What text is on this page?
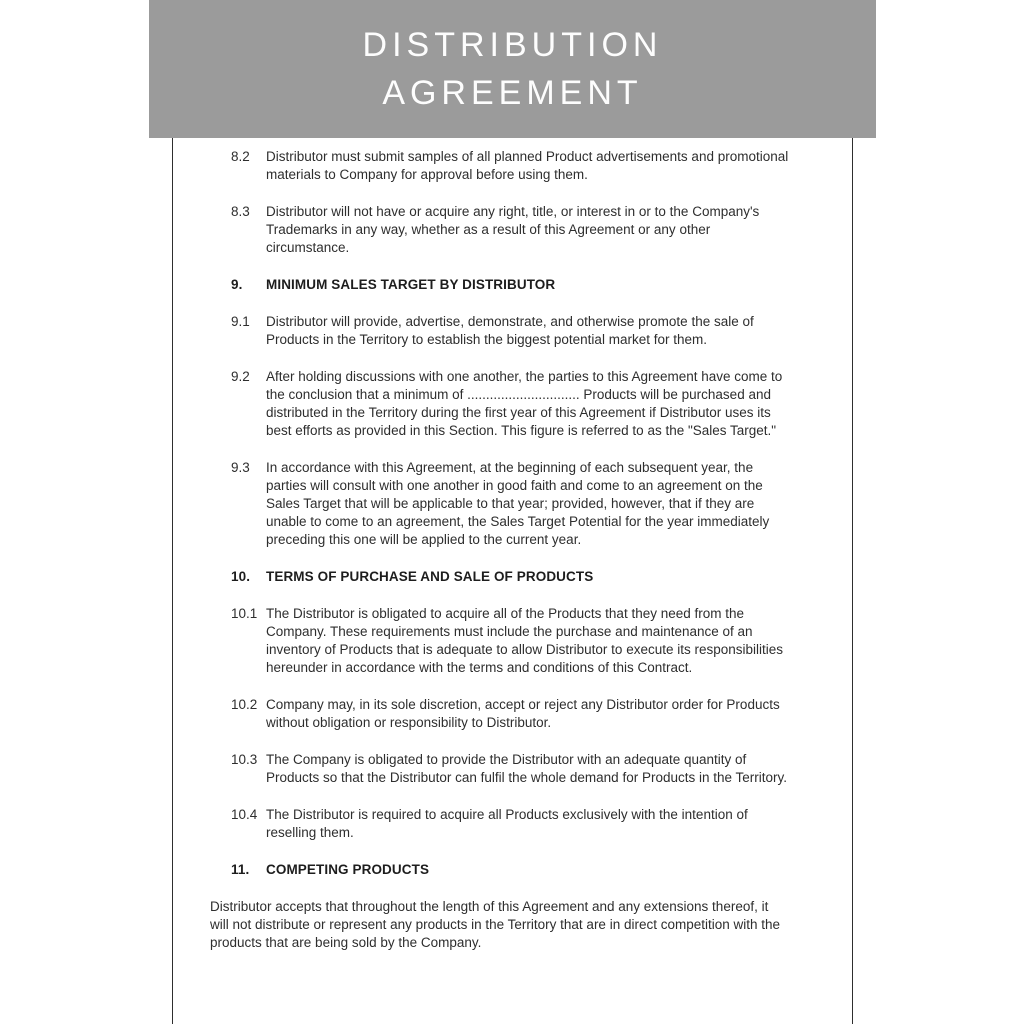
8.2	Distributor must submit samples of all planned Product advertisements and promotional materials to Company for approval before using them.
8.3	Distributor will not have or acquire any right, title, or interest in or to the Company's Trademarks in any way, whether as a result of this Agreement or any other circumstance.
9.	MINIMUM SALES TARGET BY DISTRIBUTOR
9.1	Distributor will provide, advertise, demonstrate, and otherwise promote the sale of Products in the Territory to establish the biggest potential market for them.
9.2	After holding discussions with one another, the parties to this Agreement have come to the conclusion that a minimum of .............................. Products will be purchased and distributed in the Territory during the first year of this Agreement if Distributor uses its best efforts as provided in this Section. This figure is referred to as the "Sales Target."
9.3	In accordance with this Agreement, at the beginning of each subsequent year, the parties will consult with one another in good faith and come to an agreement on the Sales Target that will be applicable to that year; provided, however, that if they are unable to come to an agreement, the Sales Target Potential for the year immediately preceding this one will be applied to the current year.
10.	TERMS OF PURCHASE AND SALE OF PRODUCTS
10.1 The Distributor is obligated to acquire all of the Products that they need from the Company. These requirements must include the purchase and maintenance of an inventory of Products that is adequate to allow Distributor to execute its responsibilities hereunder in accordance with the terms and conditions of this Contract.
10.2 Company may, in its sole discretion, accept or reject any Distributor order for Products without obligation or responsibility to Distributor.
10.3 The Company is obligated to provide the Distributor with an adequate quantity of Products so that the Distributor can fulfil the whole demand for Products in the Territory.
10.4 The Distributor is required to acquire all Products exclusively with the intention of reselling them.
11.	COMPETING PRODUCTS

Distributor accepts that throughout the length of this Agreement and any extensions thereof, it will not distribute or represent any products in the Territory that are in direct competition with the products that are being sold by the Company.

DISTRIBUTION
AGREEMENT
